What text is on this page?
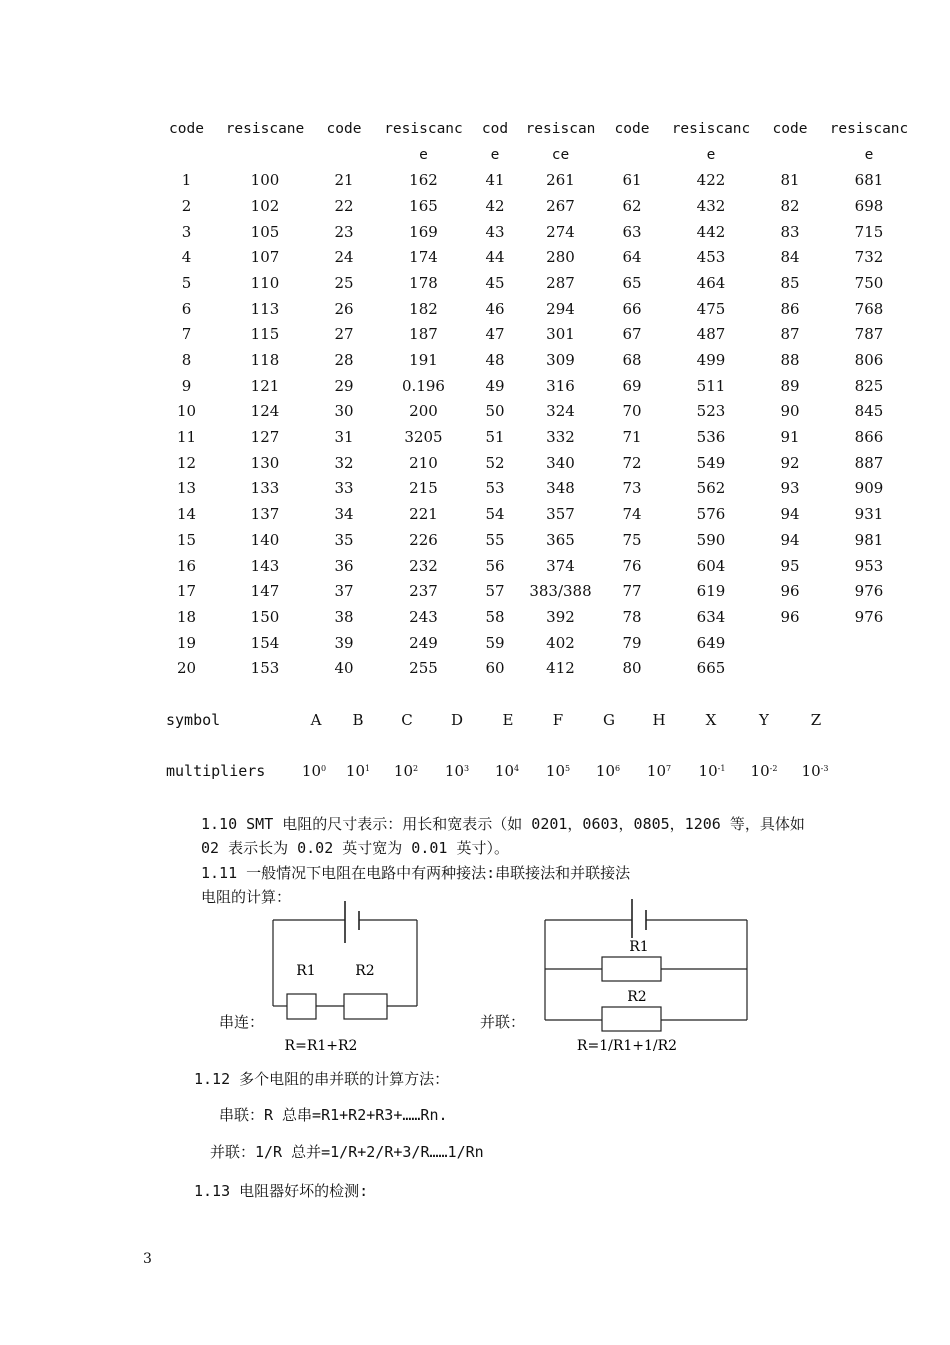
code	resiscane	code	resiscanc	cod	resiscan	code	resiscanc	code	resiscanc
			e	e	ce		e		e
1	100	21	162	41	261	61	422	81	681
2	102	22	165	42	267	62	432	82	698
3	105	23	169	43	274	63	442	83	715
4	107	24	174	44	280	64	453	84	732
5	110	25	178	45	287	65	464	85	750
6	113	26	182	46	294	66	475	86	768
7	115	27	187	47	301	67	487	87	787
8	118	28	191	48	309	68	499	88	806
9	121	29	0.196	49	316	69	511	89	825
10	124	30	200	50	324	70	523	90	845
11	127	31	3205	51	332	71	536	91	866
12	130	32	210	52	340	72	549	92	887
13	133	33	215	53	348	73	562	93	909
14	137	34	221	54	357	74	576	94	931
15	140	35	226	55	365	75	590	94	981
16	143	36	232	56	374	76	604	95	953
17	147	37	237	57	383/388	77	619	96	976
18	150	38	243	58	392	78	634	96	976
19	154	39	249	59	402	79	649		
20	153	40	255	60	412	80	665		
symbol	A	B	C	D	E	F	G	H	X	Y	Z
multipliers	$10^0$	$10^1$	$10^2$	$10^3$	$10^4$	$10^5$	$10^6$	$10^7$	$10^{-1}$	$10^{-2}$	$10^{-3}$
1.10 SMT 电阻的尺寸表示：用长和宽表示（如 0201，0603，0805，1206 等，具体如
02 表示长为 0.02 英寸宽为 0.01 英寸）。
1.11 一般情况下电阻在电路中有两种接法:串联接法和并联接法
电阻的计算：
R1	R2
R=R1+R2
串连：
R1
R2
R=1/R1+1/R2
并联：
1.12 多个电阻的串并联的计算方法：
串联：R 总串=R1+R2+R3+……Rn.
并联：1/R 总并=1/R+2/R+3/R……1/Rn
1.13 电阻器好坏的检测:
3
